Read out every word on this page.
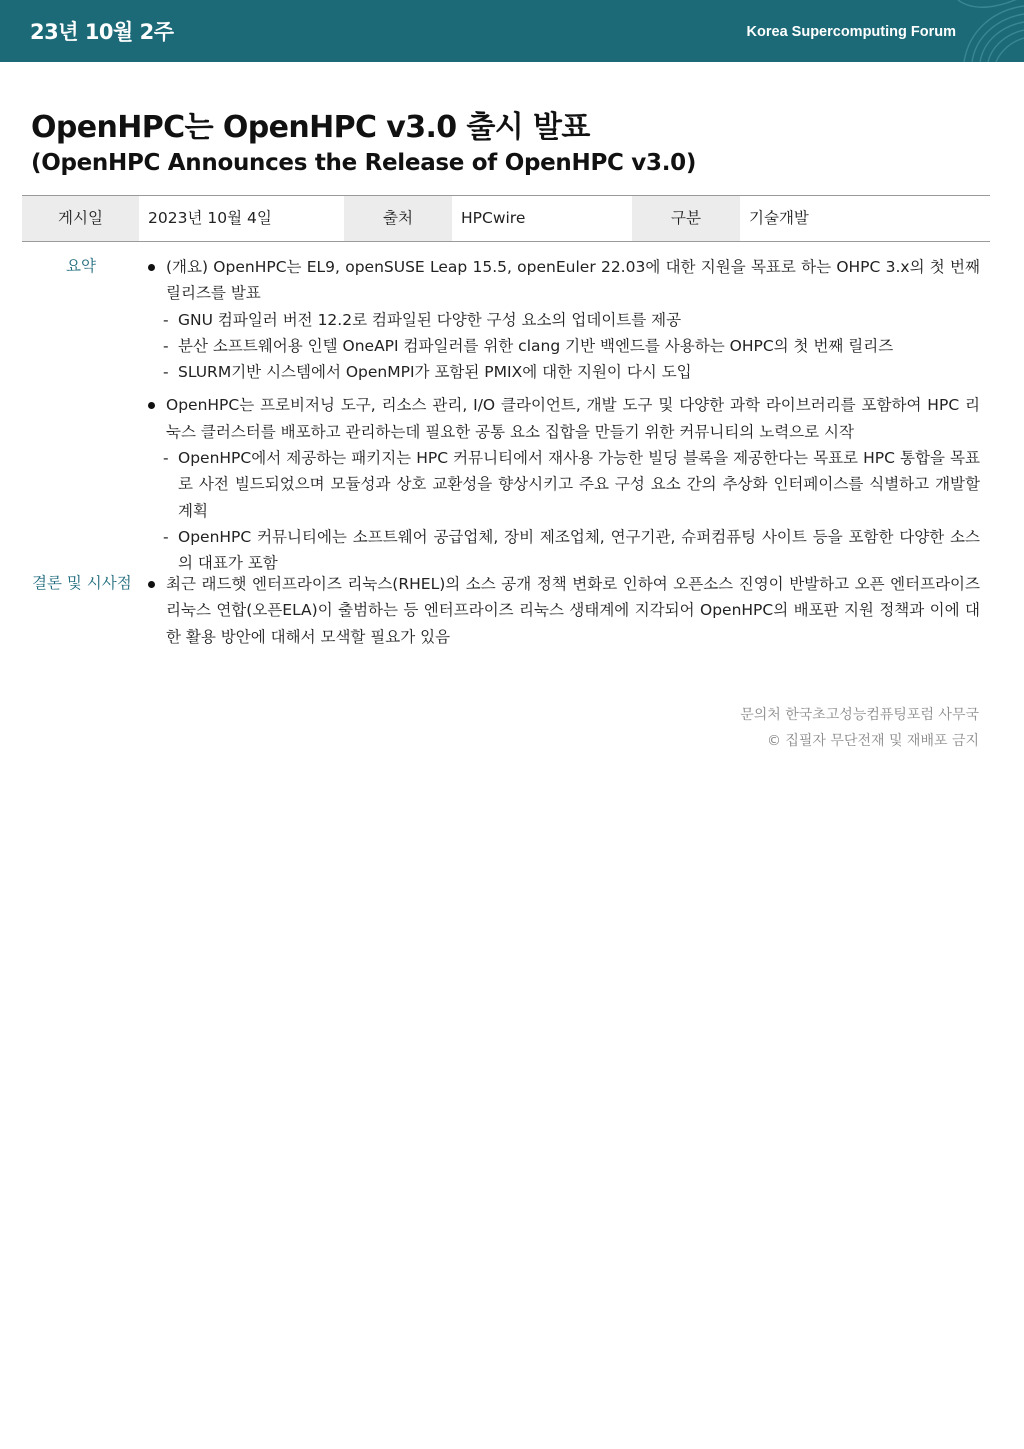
23년 10월 2주	Korea Supercomputing Forum
OpenHPC는 OpenHPC v3.0 출시 발표
(OpenHPC Announces the Release of OpenHPC v3.0)
게시일	2023년 10월 4일	출처	HPCwire	구분	기술개발
요약	(개요) OpenHPC는 EL9, openSUSE Leap 15.5, openEuler 22.03에 대한 지원을 목표로 하는 OHPC 3.x의 첫 번째 릴리즈를 발표
- GNU 컴파일러 버전 12.2로 컴파일된 다양한 구성 요소의 업데이트를 제공
- 분산 소프트웨어용 인텔 OneAPI 컴파일러를 위한 clang 기반 백엔드를 사용하는 OHPC의 첫 번째 릴리즈
- SLURM기반 시스템에서 OpenMPI가 포함된 PMIX에 대한 지원이 다시 도입
OpenHPC는 프로비저닝 도구, 리소스 관리, I/O 클라이언트, 개발 도구 및 다양한 과학 라이브러리를 포함하여 HPC 리눅스 클러스터를 배포하고 관리하는데 필요한 공통 요소 집합을 만들기 위한 커뮤니티의 노력으로 시작
- OpenHPC에서 제공하는 패키지는 HPC 커뮤니티에서 재사용 가능한 빌딩 블록을 제공한다는 목표로 HPC 통합을 목표로 사전 빌드되었으며 모듈성과 상호 교환성을 향상시키고 주요 구성 요소 간의 추상화 인터페이스를 식별하고 개발할 계획
- OpenHPC 커뮤니티에는 소프트웨어 공급업체, 장비 제조업체, 연구기관, 슈퍼컴퓨팅 사이트 등을 포함한 다양한 소스의 대표가 포함
결론 및 시사점	최근 래드햇 엔터프라이즈 리눅스(RHEL)의 소스 공개 정책 변화로 인하여 오픈소스 진영이 반발하고 오픈 엔터프라이즈 리눅스 연합(오픈ELA)이 출범하는 등 엔터프라이즈 리눅스 생태계에 지각되어 OpenHPC의 배포판 지원 정책과 이에 대한 활용 방안에 대해서 모색할 필요가 있음
문의처 한국초고성능컴퓨팅포럼 사무국
© 집필자 무단전재 및 재배포 금지
